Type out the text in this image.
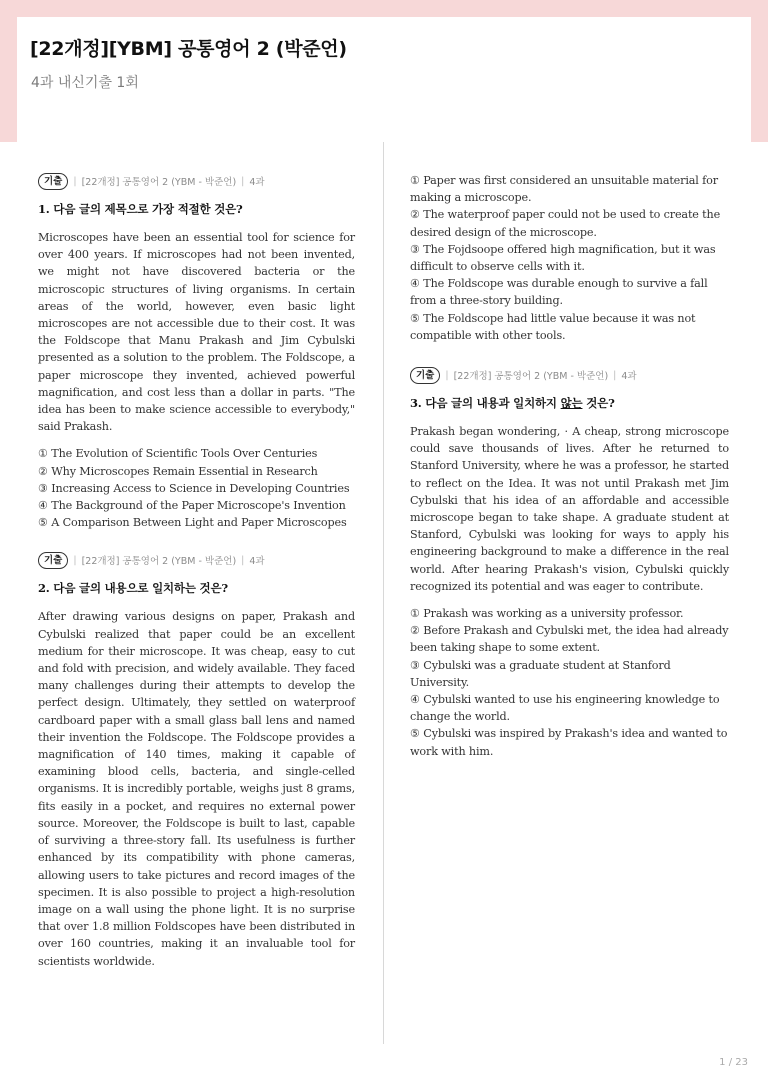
[22개정][YBM] 공통영어 2 (박준언)
4과 내신기출 1회
기출	| [22개정] 공통영어 2 (YBM - 박준언) | 4과
1. 다음 글의 제목으로 가장 적절한 것은?

Microscopes have been an essential tool for science for over 400 years. If microscopes had not been invented, we might not have discovered bacteria or the microscopic structures of living organisms. In certain areas of the world, however, even basic light microscopes are not accessible due to their cost. It was the Foldscope that Manu Prakash and Jim Cybulski presented as a solution to the problem. The Foldscope, a paper microscope they invented, achieved powerful magnification, and cost less than a dollar in parts. "The idea has been to make science accessible to everybody," said Prakash.

① The Evolution of Scientific Tools Over Centuries
② Why Microscopes Remain Essential in Research
③ Increasing Access to Science in Developing Countries
④ The Background of the Paper Microscope's Invention
⑤ A Comparison Between Light and Paper Microscopes
기출	| [22개정] 공통영어 2 (YBM - 박준언) | 4과
2. 다음 글의 내용으로 일치하는 것은?

After drawing various designs on paper, Prakash and Cybulski realized that paper could be an excellent medium for their microscope. It was cheap, easy to cut and fold with precision, and widely available. They faced many challenges during their attempts to develop the perfect design. Ultimately, they settled on waterproof cardboard paper with a small glass ball lens and named their invention the Foldscope. The Foldscope provides a magnification of 140 times, making it capable of examining blood cells, bacteria, and single-celled organisms. It is incredibly portable, weighs just 8 grams, fits easily in a pocket, and requires no external power source. Moreover, the Foldscope is built to last, capable of surviving a three-story fall. Its usefulness is further enhanced by its compatibility with phone cameras, allowing users to take pictures and record images of the specimen. It is also possible to project a high-resolution image on a wall using the phone light. It is no surprise that over 1.8 million Foldscopes have been distributed in over 160 countries, making it an invaluable tool for scientists worldwide.

① Paper was first considered an unsuitable material for making a microscope.
② The waterproof paper could not be used to create the desired design of the microscope.
③ The Fojdsoope offered high magnification, but it was difficult to observe cells with it.
④ The Foldscope was durable enough to survive a fall from a three-story building.
⑤ The Foldscope had little value because it was not compatible with other tools.
기출	| [22개정] 공통영어 2 (YBM - 박준언) | 4과
3. 다음 글의 내용과 일치하지 않는 것은?

Prakash began wondering, · A cheap, strong microscope could save thousands of lives. After he returned to Stanford University, where he was a professor, he started to reflect on the Idea. It was not until Prakash met Jim Cybulski that his idea of an affordable and accessible microscope began to take shape. A graduate student at Stanford, Cybulski was looking for ways to apply his engineering background to make a difference in the real world. After hearing Prakash's vision, Cybulski quickly recognized its potential and was eager to contribute.

① Prakash was working as a university professor.
② Before Prakash and Cybulski met, the idea had already been taking shape to some extent.
③ Cybulski was a graduate student at Stanford University.
④ Cybulski wanted to use his engineering knowledge to change the world.
⑤ Cybulski was inspired by Prakash's idea and wanted to work with him.
1 / 23
